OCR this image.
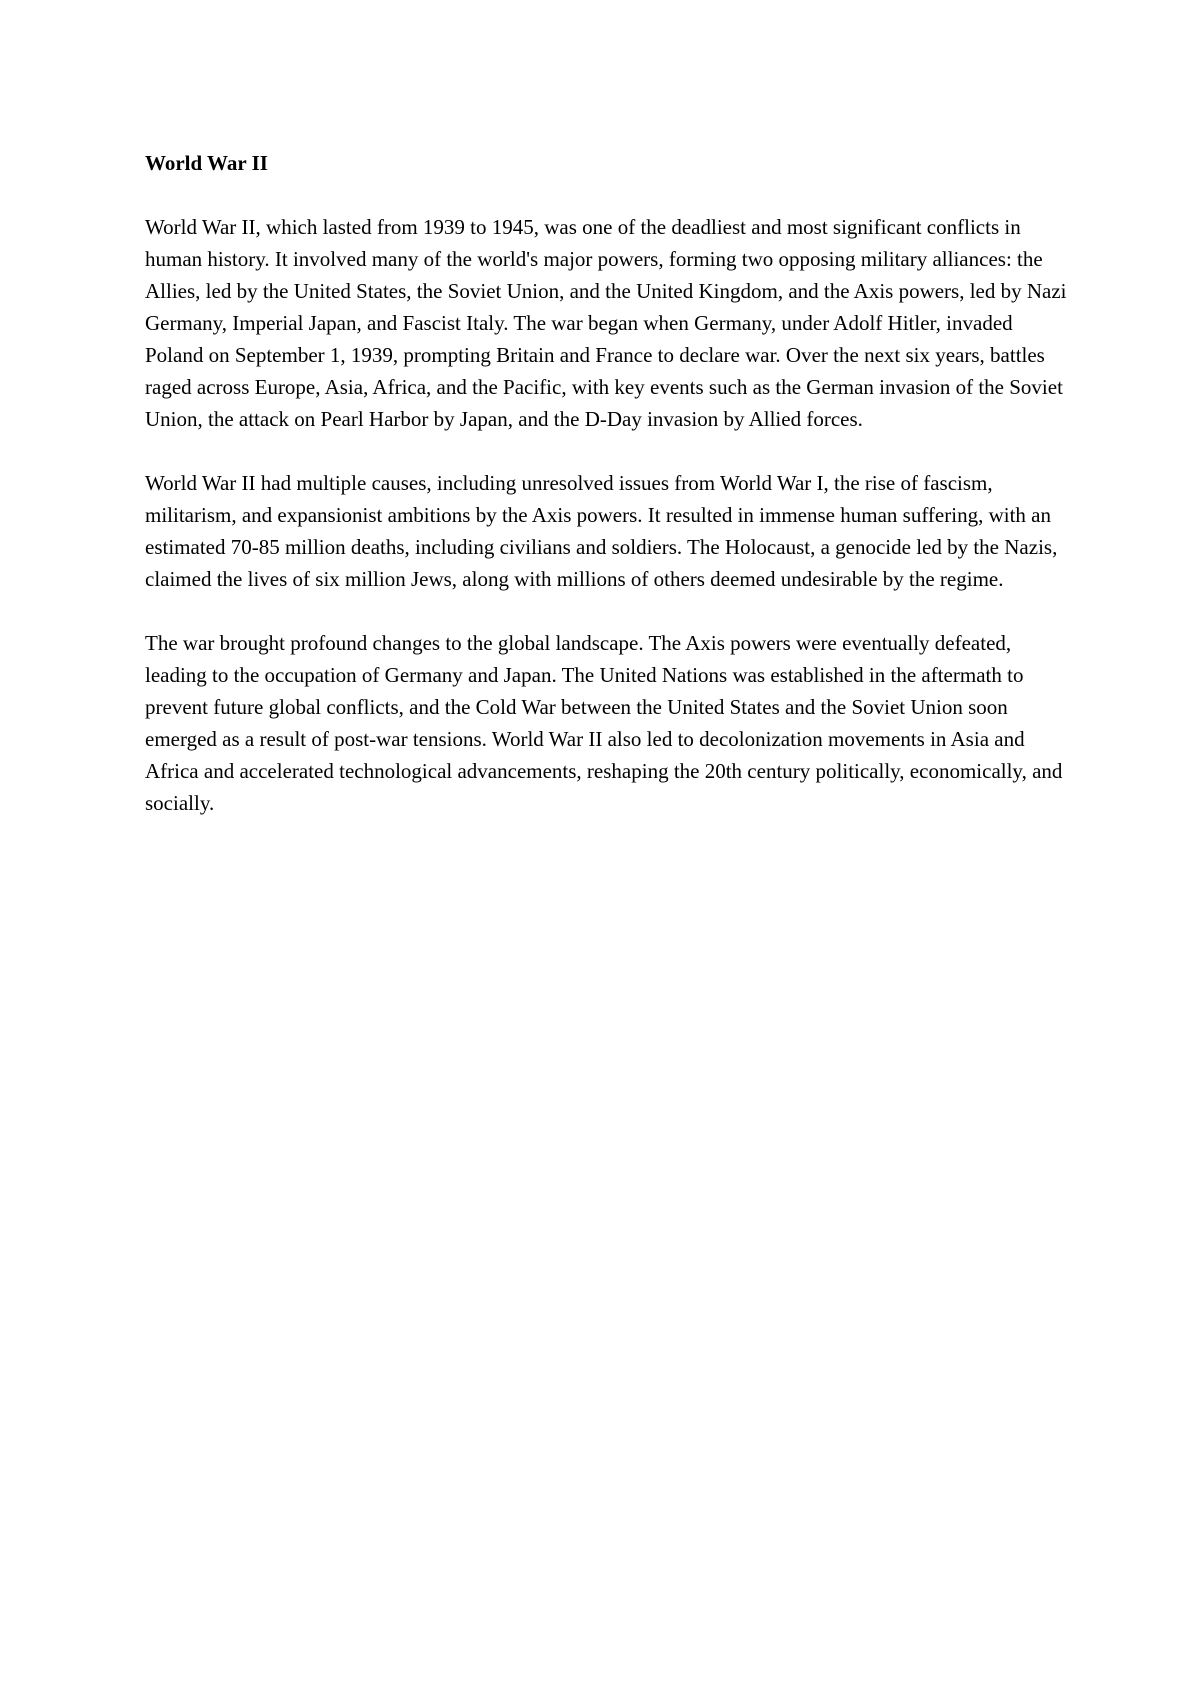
World War II

World War II, which lasted from 1939 to 1945, was one of the deadliest and most significant conflicts in human history. It involved many of the world's major powers, forming two opposing military alliances: the Allies, led by the United States, the Soviet Union, and the United Kingdom, and the Axis powers, led by Nazi Germany, Imperial Japan, and Fascist Italy. The war began when Germany, under Adolf Hitler, invaded Poland on September 1, 1939, prompting Britain and France to declare war. Over the next six years, battles raged across Europe, Asia, Africa, and the Pacific, with key events such as the German invasion of the Soviet Union, the attack on Pearl Harbor by Japan, and the D-Day invasion by Allied forces.

World War II had multiple causes, including unresolved issues from World War I, the rise of fascism, militarism, and expansionist ambitions by the Axis powers. It resulted in immense human suffering, with an estimated 70-85 million deaths, including civilians and soldiers. The Holocaust, a genocide led by the Nazis, claimed the lives of six million Jews, along with millions of others deemed undesirable by the regime.

The war brought profound changes to the global landscape. The Axis powers were eventually defeated, leading to the occupation of Germany and Japan. The United Nations was established in the aftermath to prevent future global conflicts, and the Cold War between the United States and the Soviet Union soon emerged as a result of post-war tensions. World War II also led to decolonization movements in Asia and Africa and accelerated technological advancements, reshaping the 20th century politically, economically, and socially.
